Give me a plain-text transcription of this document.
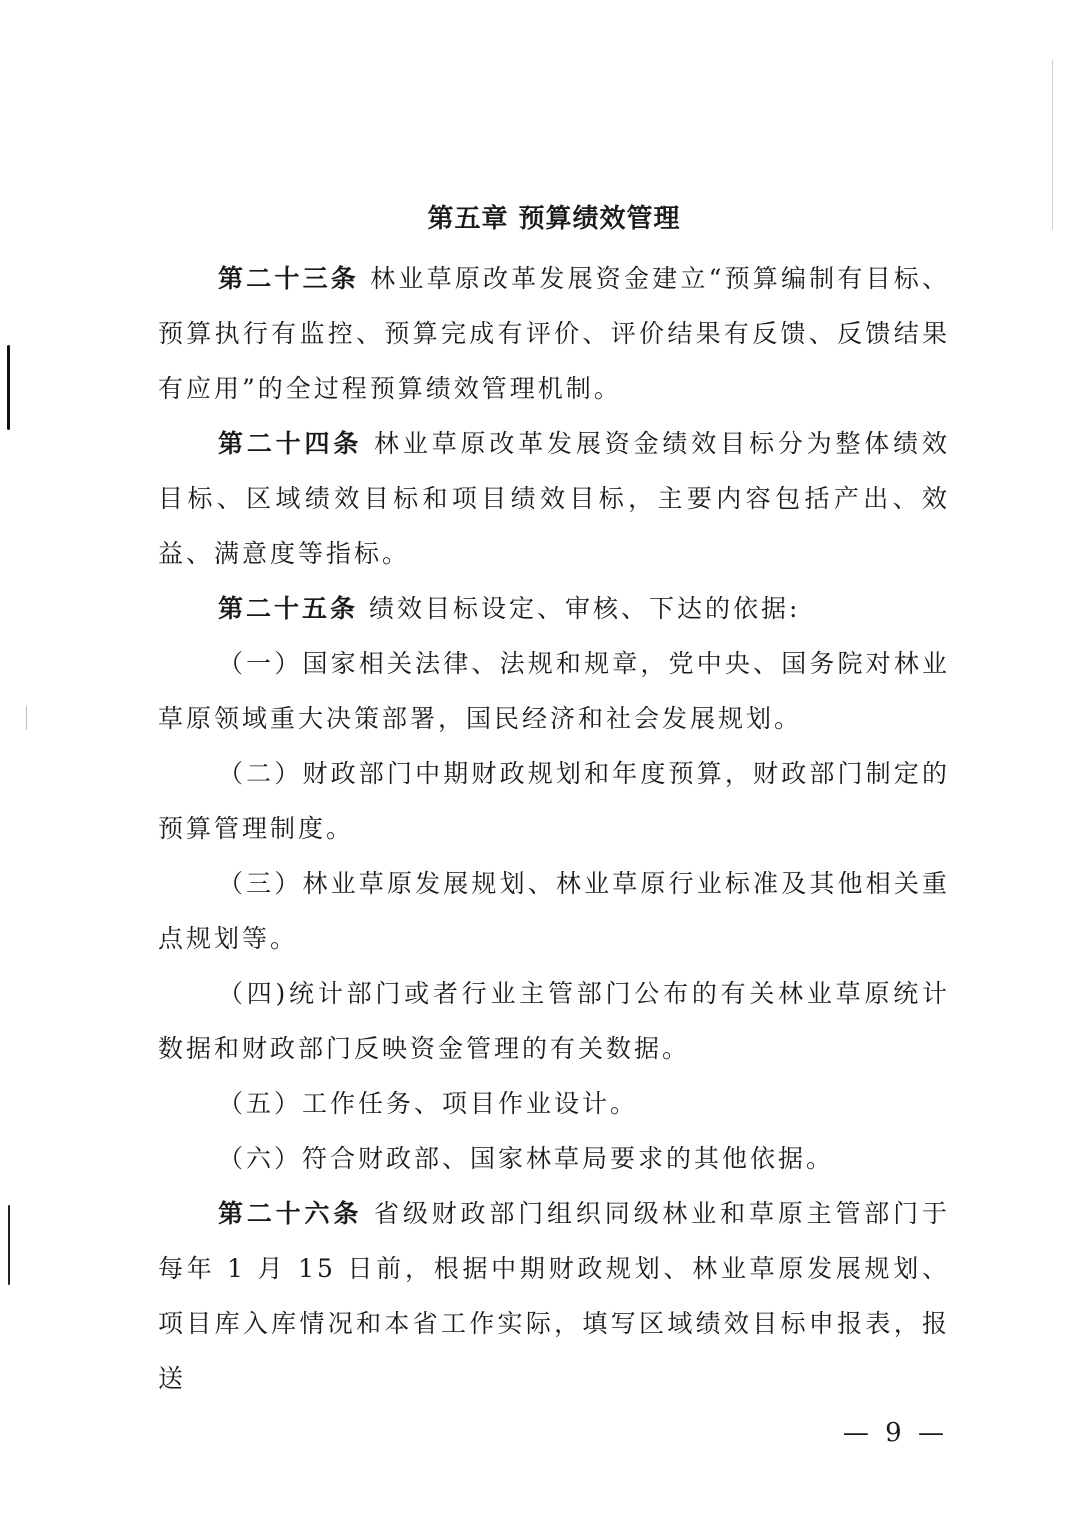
第五章 预算绩效管理

第二十三条 林业草原改革发展资金建立“预算编制有目标、预算执行有监控、预算完成有评价、评价结果有反馈、反馈结果有应用”的全过程预算绩效管理机制。

第二十四条 林业草原改革发展资金绩效目标分为整体绩效目标、区域绩效目标和项目绩效目标，主要内容包括产出、效益、满意度等指标。

第二十五条 绩效目标设定、审核、下达的依据:

（一）国家相关法律、法规和规章，党中央、国务院对林业草原领域重大决策部署，国民经济和社会发展规划。

（二）财政部门中期财政规划和年度预算，财政部门制定的预算管理制度。

（三）林业草原发展规划、林业草原行业标准及其他相关重点规划等。

（四)统计部门或者行业主管部门公布的有关林业草原统计数据和财政部门反映资金管理的有关数据。

（五）工作任务、项目作业设计。

（六）符合财政部、国家林草局要求的其他依据。

第二十六条 省级财政部门组织同级林业和草原主管部门于每年 1 月 15 日前，根据中期财政规划、林业草原发展规划、项目库入库情况和本省工作实际，填写区域绩效目标申报表，报送

— 9 —
